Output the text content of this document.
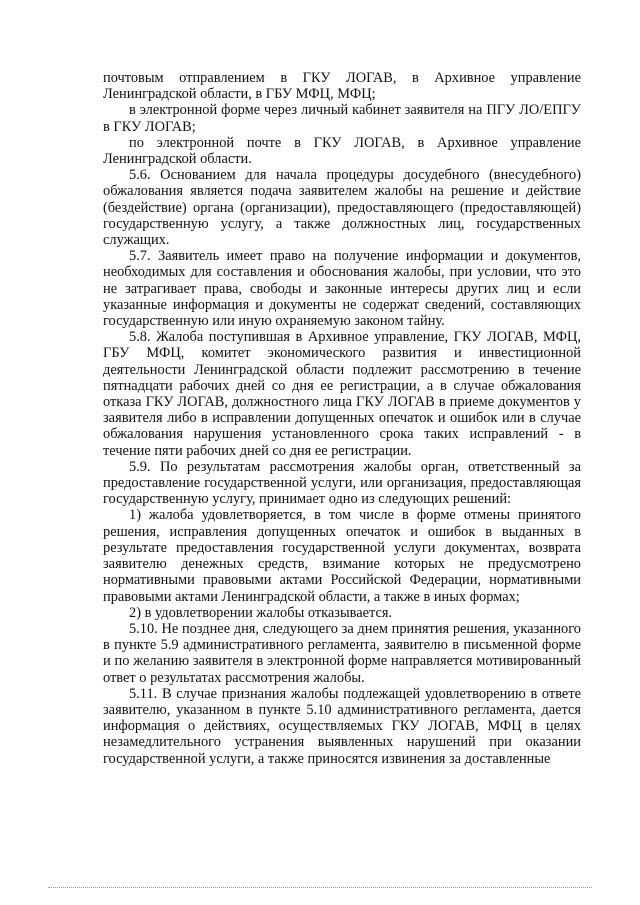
почтовым отправлением в ГКУ ЛОГАВ, в Архивное управление Ленинградской области, в ГБУ МФЦ, МФЦ;

в электронной форме через личный кабинет заявителя на ПГУ ЛО/ЕПГУ в ГКУ ЛОГАВ;

по электронной почте в ГКУ ЛОГАВ, в Архивное управление Ленинградской области.

5.6. Основанием для начала процедуры досудебного (внесудебного) обжалования является подача заявителем жалобы на решение и действие (бездействие) органа (организации), предоставляющего (предоставляющей) государственную услугу, а также должностных лиц, государственных служащих.

5.7. Заявитель имеет право на получение информации и документов, необходимых для составления и обоснования жалобы, при условии, что это не затрагивает права, свободы и законные интересы других лиц и если указанные информация и документы не содержат сведений, составляющих государственную или иную охраняемую законом тайну.

5.8. Жалоба поступившая в Архивное управление, ГКУ ЛОГАВ, МФЦ, ГБУ МФЦ, комитет экономического развития и инвестиционной деятельности Ленинградской области подлежит рассмотрению в течение пятнадцати рабочих дней со дня ее регистрации, а в случае обжалования отказа ГКУ ЛОГАВ, должностного лица ГКУ ЛОГАВ в приеме документов у заявителя либо в исправлении допущенных опечаток и ошибок или в случае обжалования нарушения установленного срока таких исправлений - в течение пяти рабочих дней со дня ее регистрации.

5.9. По результатам рассмотрения жалобы орган, ответственный за предоставление государственной услуги, или организация, предоставляющая государственную услугу, принимает одно из следующих решений:

1) жалоба удовлетворяется, в том числе в форме отмены принятого решения, исправления допущенных опечаток и ошибок в выданных в результате предоставления государственной услуги документах, возврата заявителю денежных средств, взимание которых не предусмотрено нормативными правовыми актами Российской Федерации, нормативными правовыми актами Ленинградской области, а также в иных формах;

2) в удовлетворении жалобы отказывается.

5.10. Не позднее дня, следующего за днем принятия решения, указанного в пункте 5.9 административного регламента, заявителю в письменной форме и по желанию заявителя в электронной форме направляется мотивированный ответ о результатах рассмотрения жалобы.

5.11. В случае признания жалобы подлежащей удовлетворению в ответе заявителю, указанном в пункте 5.10 административного регламента, дается информация о действиях, осуществляемых ГКУ ЛОГАВ, МФЦ в целях незамедлительного устранения выявленных нарушений при оказании государственной услуги, а также приносятся извинения за доставленные
